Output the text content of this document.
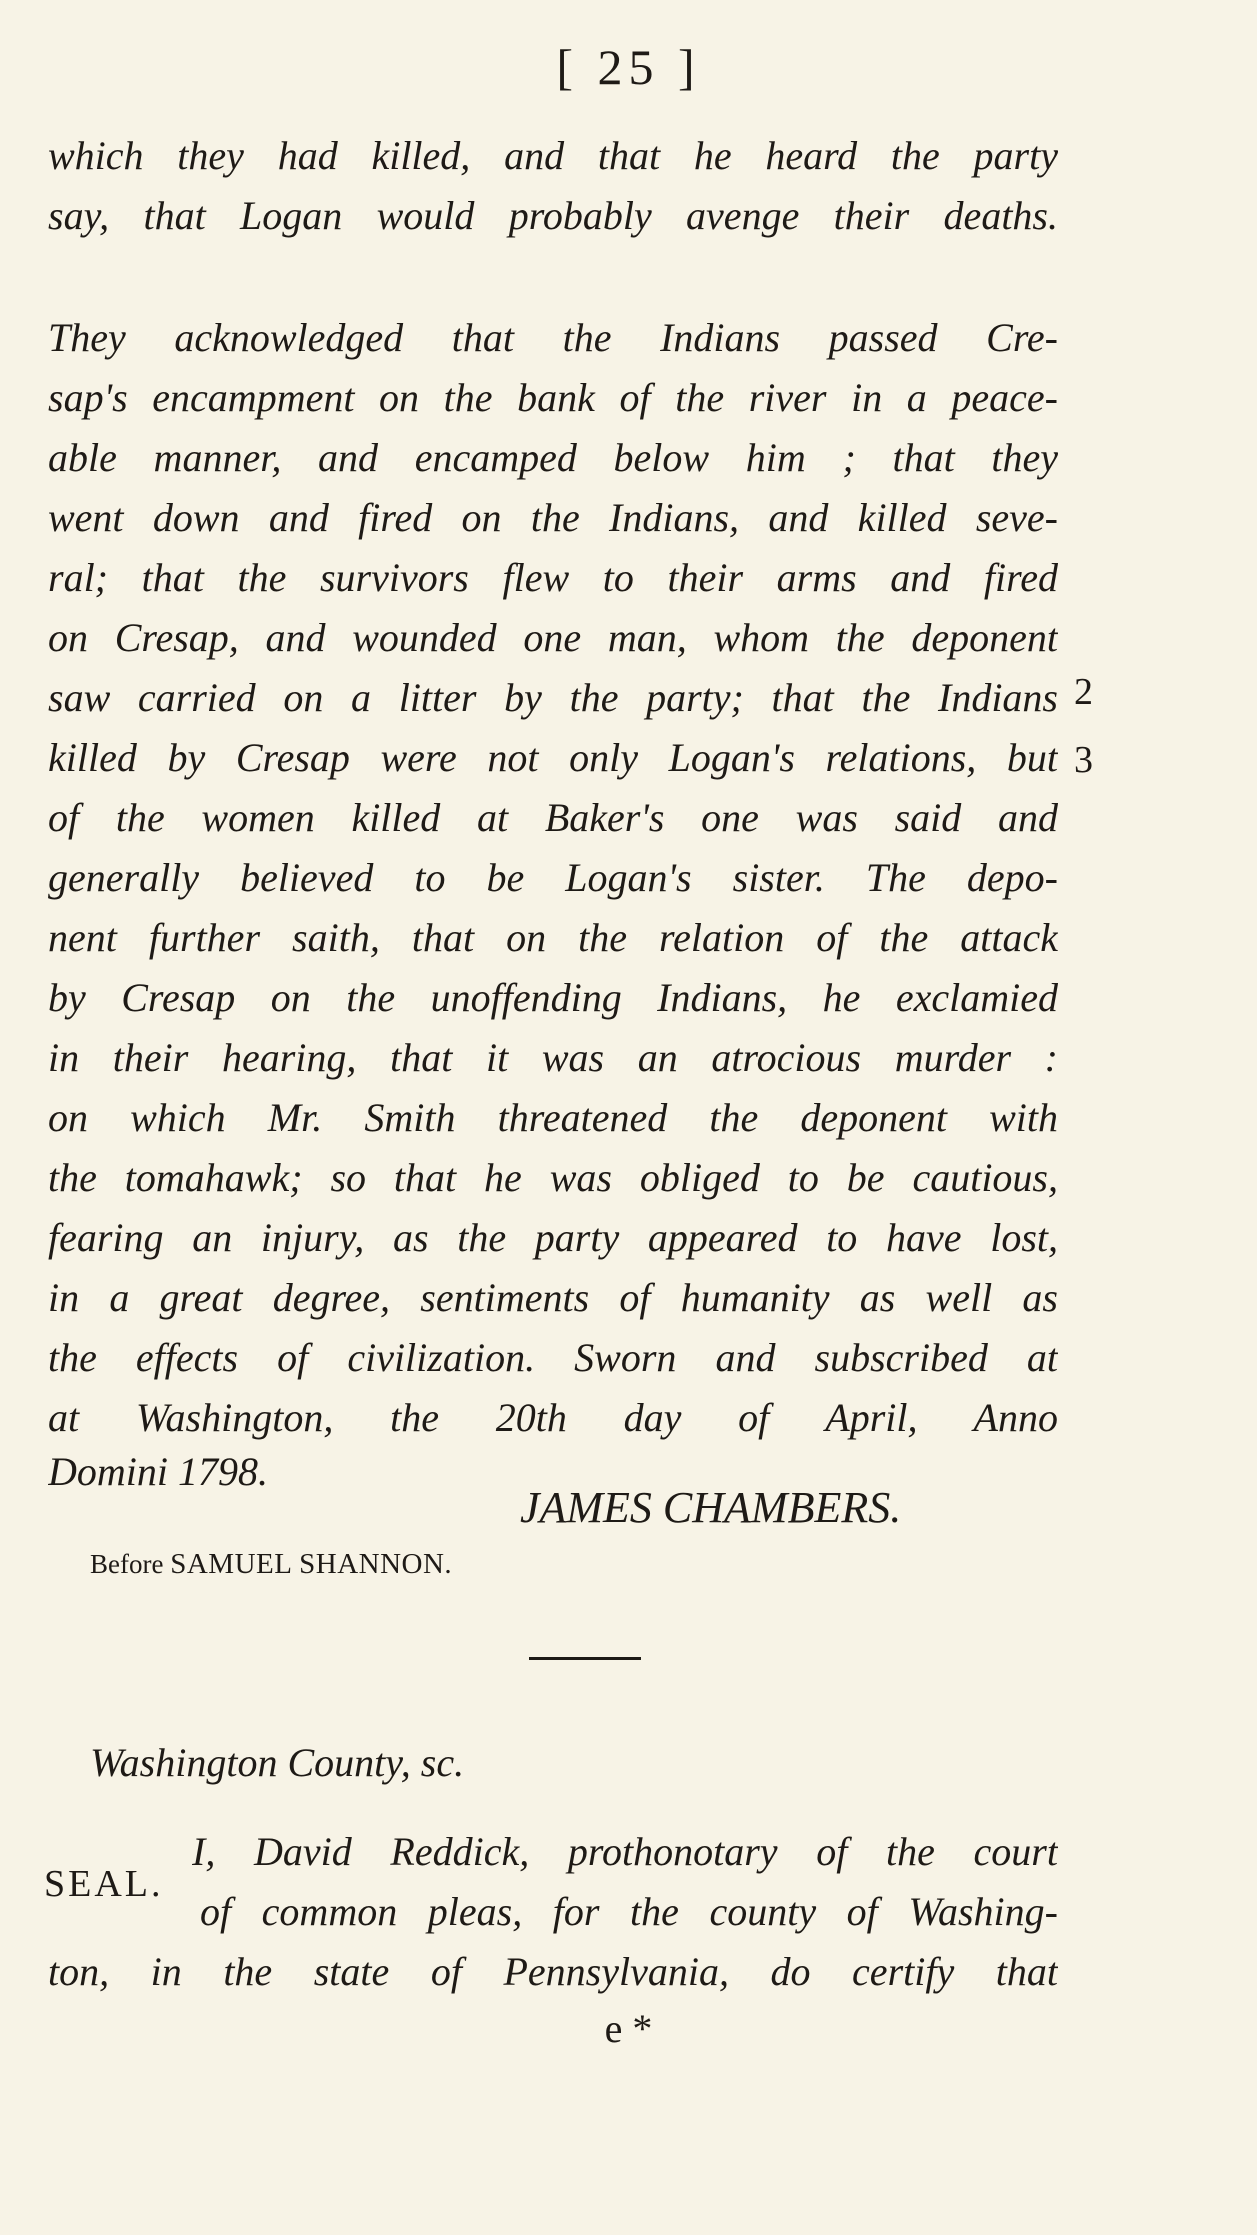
[ 25 ]
which they had killed, and that he heard the party
say, that Logan would probably avenge their deaths.
They acknowledged that the Indians passed Cre-
sap's encampment on the bank of the river in a peace-
able manner, and encamped below him ; that they
went down and fired on the Indians, and killed seve-
ral; that the survivors flew to their arms and fired
on Cresap, and wounded one man, whom the deponent
saw carried on a litter by the party; that the Indians
killed by Cresap were not only Logan's relations, but
of the women killed at Baker's one was said and
generally believed to be Logan's sister. The depo-
nent further saith, that on the relation of the attack
by Cresap on the unoffending Indians, he exclamied
in their hearing, that it was an atrocious murder :
on which Mr. Smith threatened the deponent with
the tomahawk; so that he was obliged to be cautious,
fearing an injury, as the party appeared to have lost,
in a great degree, sentiments of humanity as well as
the effects of civilization. Sworn and subscribed at
at Washington, the 20th day of April, Anno
Domini 1798.
JAMES CHAMBERS.
Before SAMUEL SHANNON.
Washington County, sc.
SEAL.
I, David Reddick, prothonotary of the court
of common pleas, for the county of Washing-
ton, in the state of Pennsylvania, do certify that
e *
2
3
